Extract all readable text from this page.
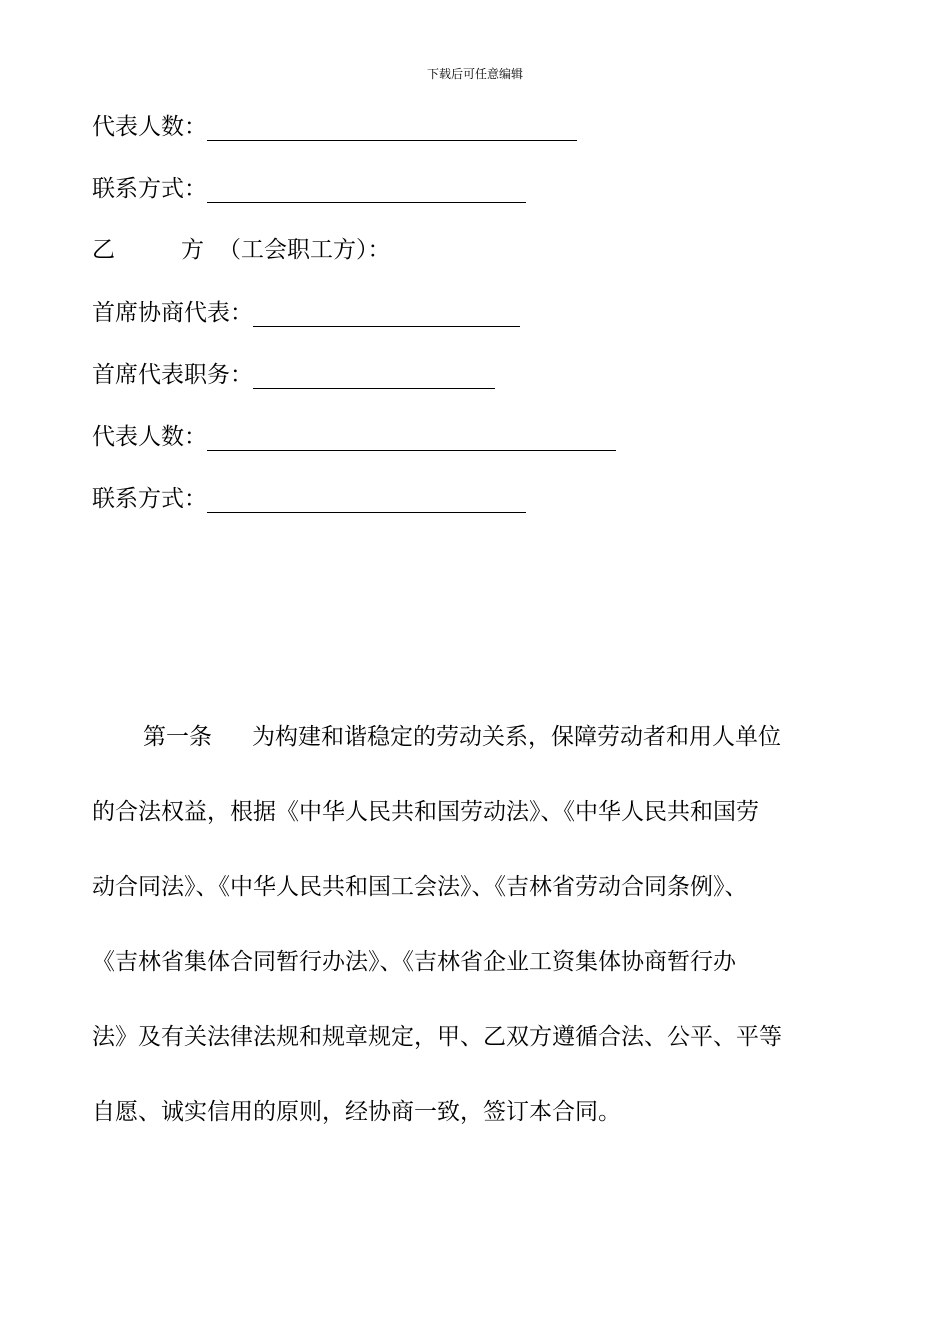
下载后可任意编辑
代表人数：
联系方式：
乙	方 （工会职工方）：
首席协商代表：
首席代表职务：
代表人数：
联系方式：
第一条 为构建和谐稳定的劳动关系，保障劳动者和用人单位
的合法权益，根据《中华人民共和国劳动法》、《中华人民共和国劳
动合同法》、《中华人民共和国工会法》、《吉林省劳动合同条例》、
《吉林省集体合同暂行办法》、《吉林省企业工资集体协商暂行办
法》及有关法律法规和规章规定，甲、乙双方遵循合法、公平、平等
自愿、诚实信用的原则，经协商一致，签订本合同。
